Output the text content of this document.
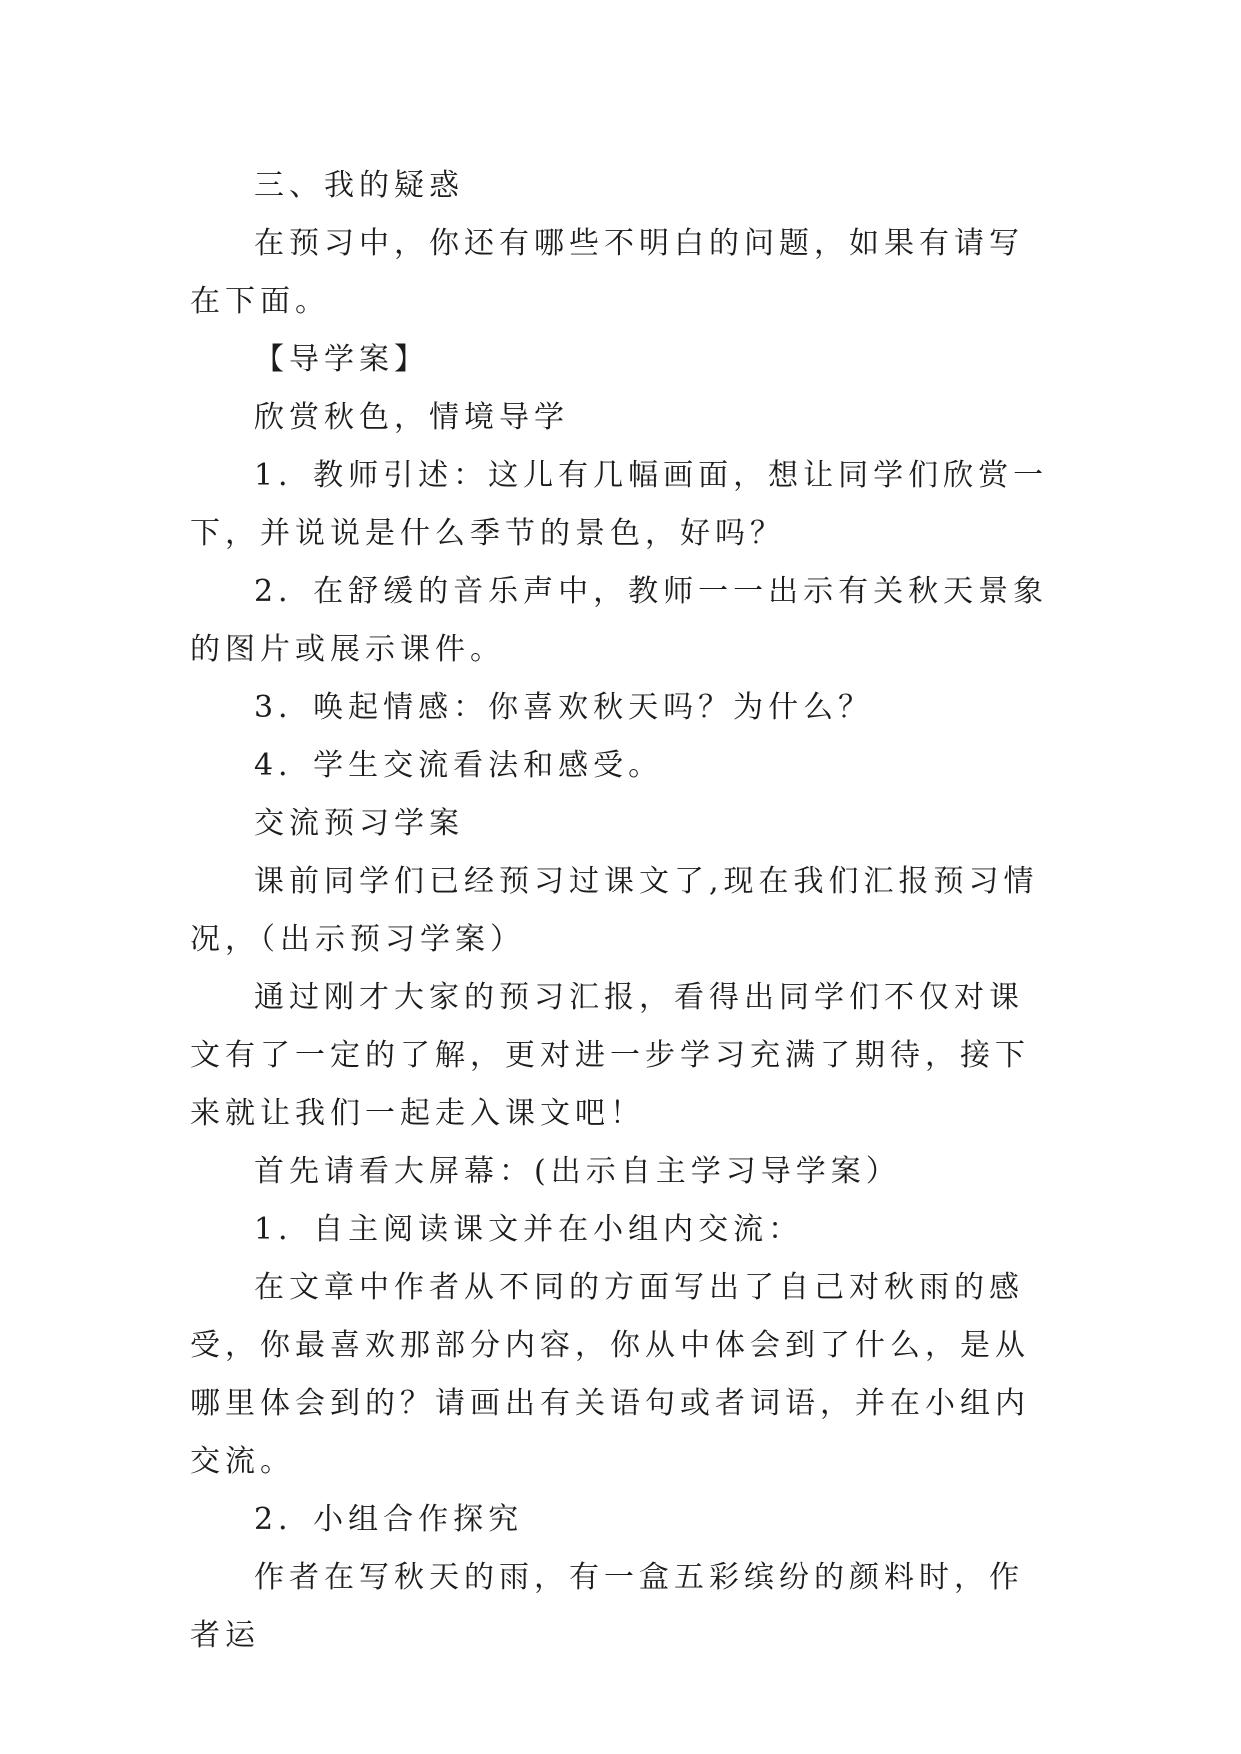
三、我的疑惑

在预习中，你还有哪些不明白的问题，如果有请写在下面。

【导学案】

欣赏秋色，情境导学

1．教师引述：这儿有几幅画面，想让同学们欣赏一下，并说说是什么季节的景色，好吗？

2．在舒缓的音乐声中，教师一一出示有关秋天景象的图片或展示课件。

3．唤起情感：你喜欢秋天吗？为什么？

4．学生交流看法和感受。

交流预习学案

课前同学们已经预习过课文了,现在我们汇报预习情况，（出示预习学案）

通过刚才大家的预习汇报，看得出同学们不仅对课文有了一定的了解，更对进一步学习充满了期待，接下来就让我们一起走入课文吧！

首先请看大屏幕：(出示自主学习导学案）

1．自主阅读课文并在小组内交流：

在文章中作者从不同的方面写出了自己对秋雨的感受，你最喜欢那部分内容，你从中体会到了什么，是从哪里体会到的？请画出有关语句或者词语，并在小组内交流。

2．小组合作探究

作者在写秋天的雨，有一盒五彩缤纷的颜料时，作者运
